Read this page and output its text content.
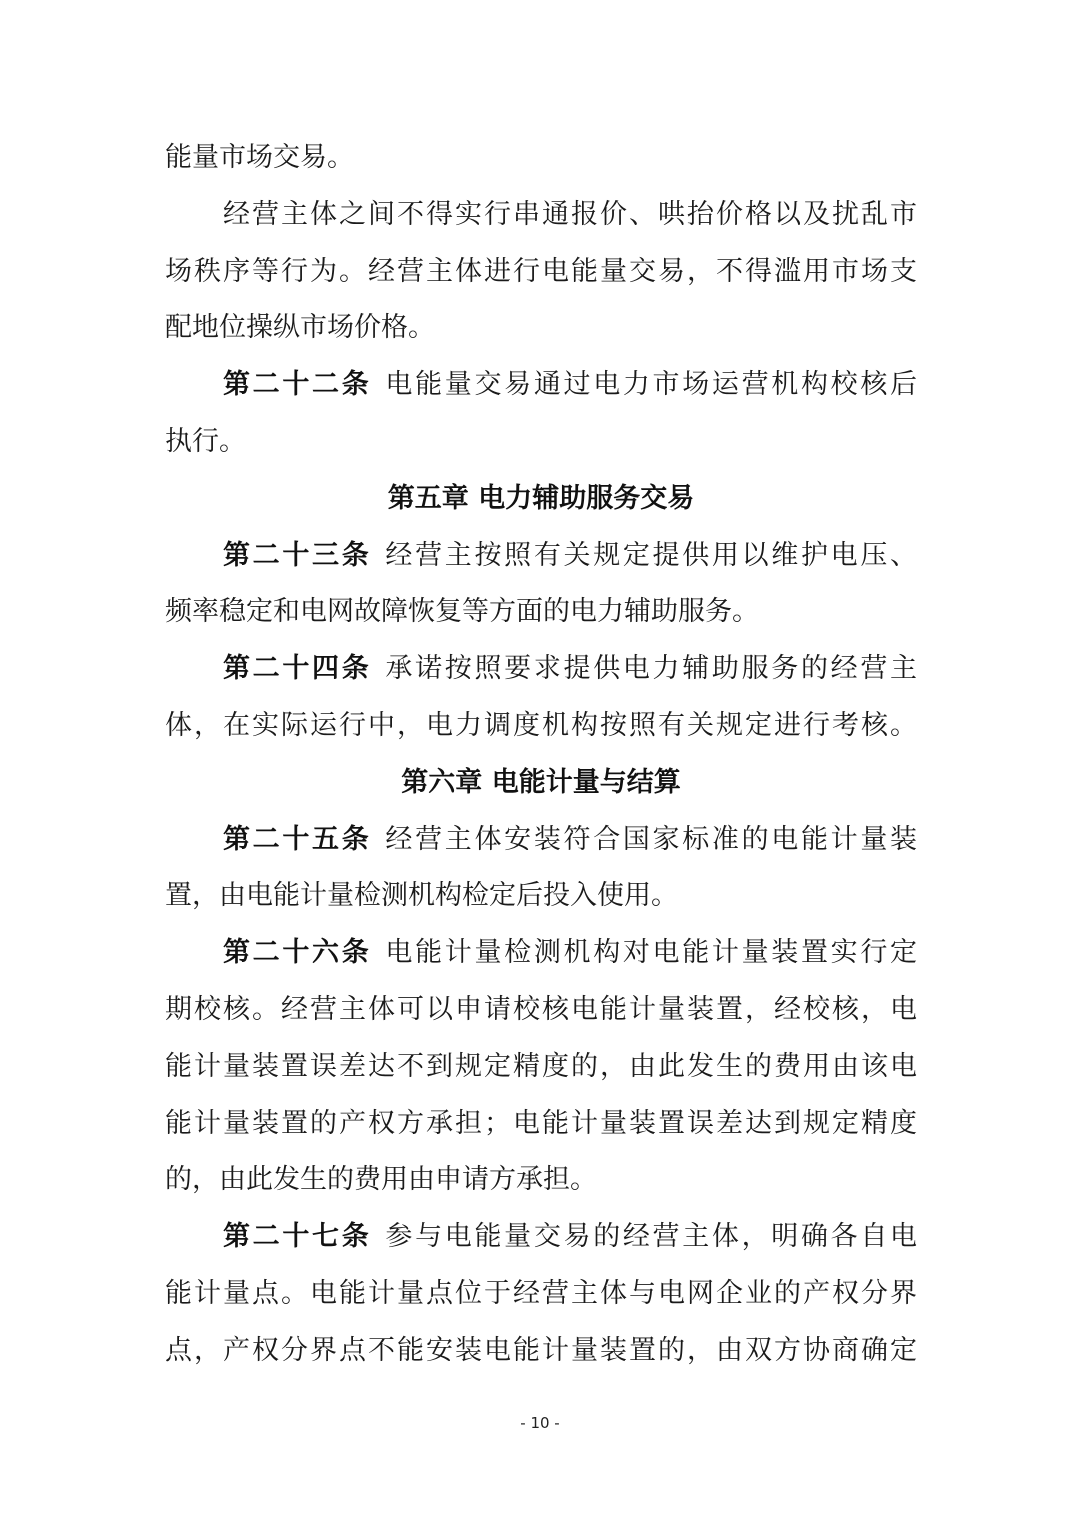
能量市场交易。
经营主体之间不得实行串通报价、哄抬价格以及扰乱市
场秩序等行为。经营主体进行电能量交易，不得滥用市场支
配地位操纵市场价格。
第二十二条 电能量交易通过电力市场运营机构校核后
执行。
第五章 电力辅助服务交易
第二十三条 经营主按照有关规定提供用以维护电压、
频率稳定和电网故障恢复等方面的电力辅助服务。
第二十四条 承诺按照要求提供电力辅助服务的经营主
体，在实际运行中，电力调度机构按照有关规定进行考核。
第六章 电能计量与结算
第二十五条 经营主体安装符合国家标准的电能计量装
置，由电能计量检测机构检定后投入使用。
第二十六条 电能计量检测机构对电能计量装置实行定
期校核。经营主体可以申请校核电能计量装置，经校核，电
能计量装置误差达不到规定精度的，由此发生的费用由该电
能计量装置的产权方承担；电能计量装置误差达到规定精度
的，由此发生的费用由申请方承担。
第二十七条 参与电能量交易的经营主体，明确各自电
能计量点。电能计量点位于经营主体与电网企业的产权分界
点，产权分界点不能安装电能计量装置的，由双方协商确定
- 10 -
